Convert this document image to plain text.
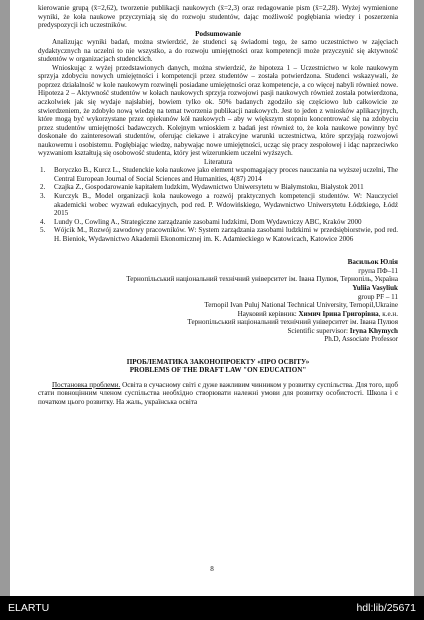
kierowanie grupą (x̄=2,62), tworzenie publikacji naukowych (x̄=2,3) oraz redagowanie pism (x̄=2,28). Wyżej wymienione wyniki, że koła naukowe przyczyniają się do rozwoju studentów, dając możliwość pogłębiania wiedzy i poszerzenia predyspozycji ich uczestników.

Podsumowanie

Analizując wyniki badań, można stwierdzić, że studenci są świadomi tego, że samo uczestnictwo w zajęciach dydaktycznych na uczelni to nie wszystko, a do rozwoju umiejętności oraz kompetencji może przyczynić się aktywność studentów w organizacjach studenckich.

Wnioskując z wyżej przedstawionych danych, można stwierdzić, że hipoteza 1 – Uczestnictwo w kole naukowym sprzyja zdobyciu nowych umiejętności i kompetencji przez studentów – została potwierdzona. Studenci wskazywali, że poprzez działalność w kole naukowym rozwinęli posiadane umiejętności oraz kompetencje, a co więcej nabyli również nowe. Hipoteza 2 – Aktywność studentów w kołach naukowych sprzyja rozwojowi pasji naukowych również została potwierdzona, aczkolwiek jak się wydaje najsłabiej, bowiem tylko ok. 50% badanych zgodziło się częściowo lub całkowicie ze stwierdzeniem, że zdobyło nową wiedzę na temat tworzenia publikacji naukowych. Jest to jeden z wniosków aplikacyjnych, które mogą być wykorzystane przez opiekunów kół naukowych – aby w większym stopniu koncentrować się na zdobyciu przez studentów umiejętności badawczych. Kolejnym wnioskiem z badań jest również to, że koła naukowe powinny być doskonałe do zainteresowań studentów, oferując ciekawe i atrakcyjne warunki uczestnictwa, które sprzyjają rozwojowi naukowemu i osobistemu. Pogłębiając wiedzę, nabywając nowe umiejętności, ucząc się pracy zespołowej i idąc naprzeciwko wyzwaniom kształtują się osobowość studenta, który jest wizerunkiem uczelni wyższych.

Literatura

1. Boryczko B., Kurcz L., Studenckie koła naukowe jako element wspomagający proces nauczania na wyższej uczelni, The Central European Journal of Social Sciences and Humanities, 4(87) 2014
2. Czajka Z., Gospodarowanie kapitałem ludzkim, Wydawnictwo Uniwersytetu w Białymstoku, Białystok 2011
3. Kurczyk B., Model organizacji koła naukowego a rozwój praktycznych kompetencji studentów. W: Nauczyciel akademicki wobec wyzwań edukacyjnych, pod red. P. Wdowińskiego, Wydawnictwo Uniwersytetu Łódzkiego, Łódź 2015
4. Lundy O., Cowling A., Strategiczne zarządzanie zasobami ludzkimi, Dom Wydawniczy ABC, Kraków 2000
5. Wójcik M., Rozwój zawodowy pracowników. W: System zarządzania zasobami ludzkimi w przedsiębiorstwie, pod red. H. Bieniok, Wydawnictwo Akademii Ekonomicznej im. K. Adamieckiego w Katowicach, Katowice 2006

Васильок Юлія

група ПФ–11

Тернопільський національний технічний університет ім. Івана Пулюя, Тернопіль, Україна

Yuliia Vasyliuk

group PF – 11

Ternopil Ivan Puluj National Technical University, Ternopil,Ukraine

Науковий керівник: Химич Ірина Григорівна, к.е.н.

Тернопільський національний технічний університет ім. Івана Пулюя

Scientific supervisor: Iryna Khymych

Ph.D, Associate Professor

ПРОБЛЕМАТИКА ЗАКОНОПРОЕКТУ «ПРО ОСВІТУ»

PROBLEMS OF THE DRAFT LAW "ON EDUCATION"

Постановка проблеми. Освіта в сучасному світі є дуже важливим чинником у розвитку суспільства. Для того, щоб стати повноцінним членом суспільства необхідно створювати належні умови для розвитку особистості. Школа і є початком цього розвитку. На жаль, українська освіта

8
ELARTU	hdl:lib/25671
